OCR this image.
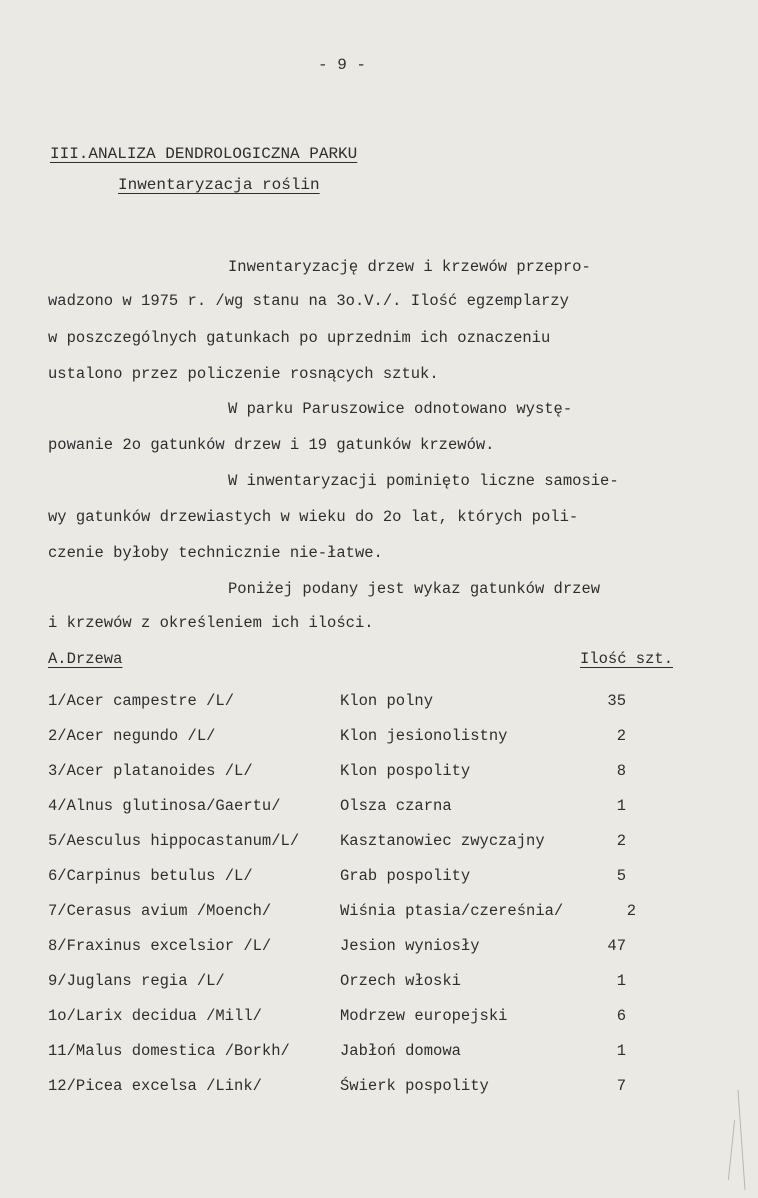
- 9 -
III.ANALIZA DENDROLOGICZNA PARKU
Inwentaryzacja roślin
Inwentaryzację drzew i krzewów przepro-
wadzono w 1975 r. /wg stanu na 3o.V./. Ilość egzemplarzy
w poszczególnych gatunkach po uprzednim ich oznaczeniu
ustalono przez policzenie rosnących sztuk.
W parku Paruszowice odnotowano wystę-
powanie 2o gatunków drzew i 19 gatunków krzewów.
W inwentaryzacji pominięto liczne samosie-
wy gatunków drzewiastych w wieku do 2o lat, których poli-
czenie byłoby technicznie nie-łatwe.
Poniżej podany jest wykaz gatunków drzew
i krzewów z określeniem ich ilości.
A.Drzewa	Ilość szt.
1/Acer campestre /L/	Klon polny	35
2/Acer negundo /L/	Klon jesionolistny	2
3/Acer platanoides /L/	Klon pospolity	8
4/Alnus glutinosa/Gaertu/	Olsza czarna	1
5/Aesculus hippocastanum/L/	Kasztanowiec zwyczajny	2
6/Carpinus betulus /L/	Grab pospolity	5
7/Cerasus avium /Moench/	Wiśnia ptasia/czereśnia/	2
8/Fraxinus excelsior /L/	Jesion wyniosły	47
9/Juglans regia /L/	Orzech włoski	1
1o/Larix decidua /Mill/	Modrzew europejski	6
11/Malus domestica /Borkh/	Jabłoń domowa	1
12/Picea excelsa /Link/	Świerk pospolity	7
